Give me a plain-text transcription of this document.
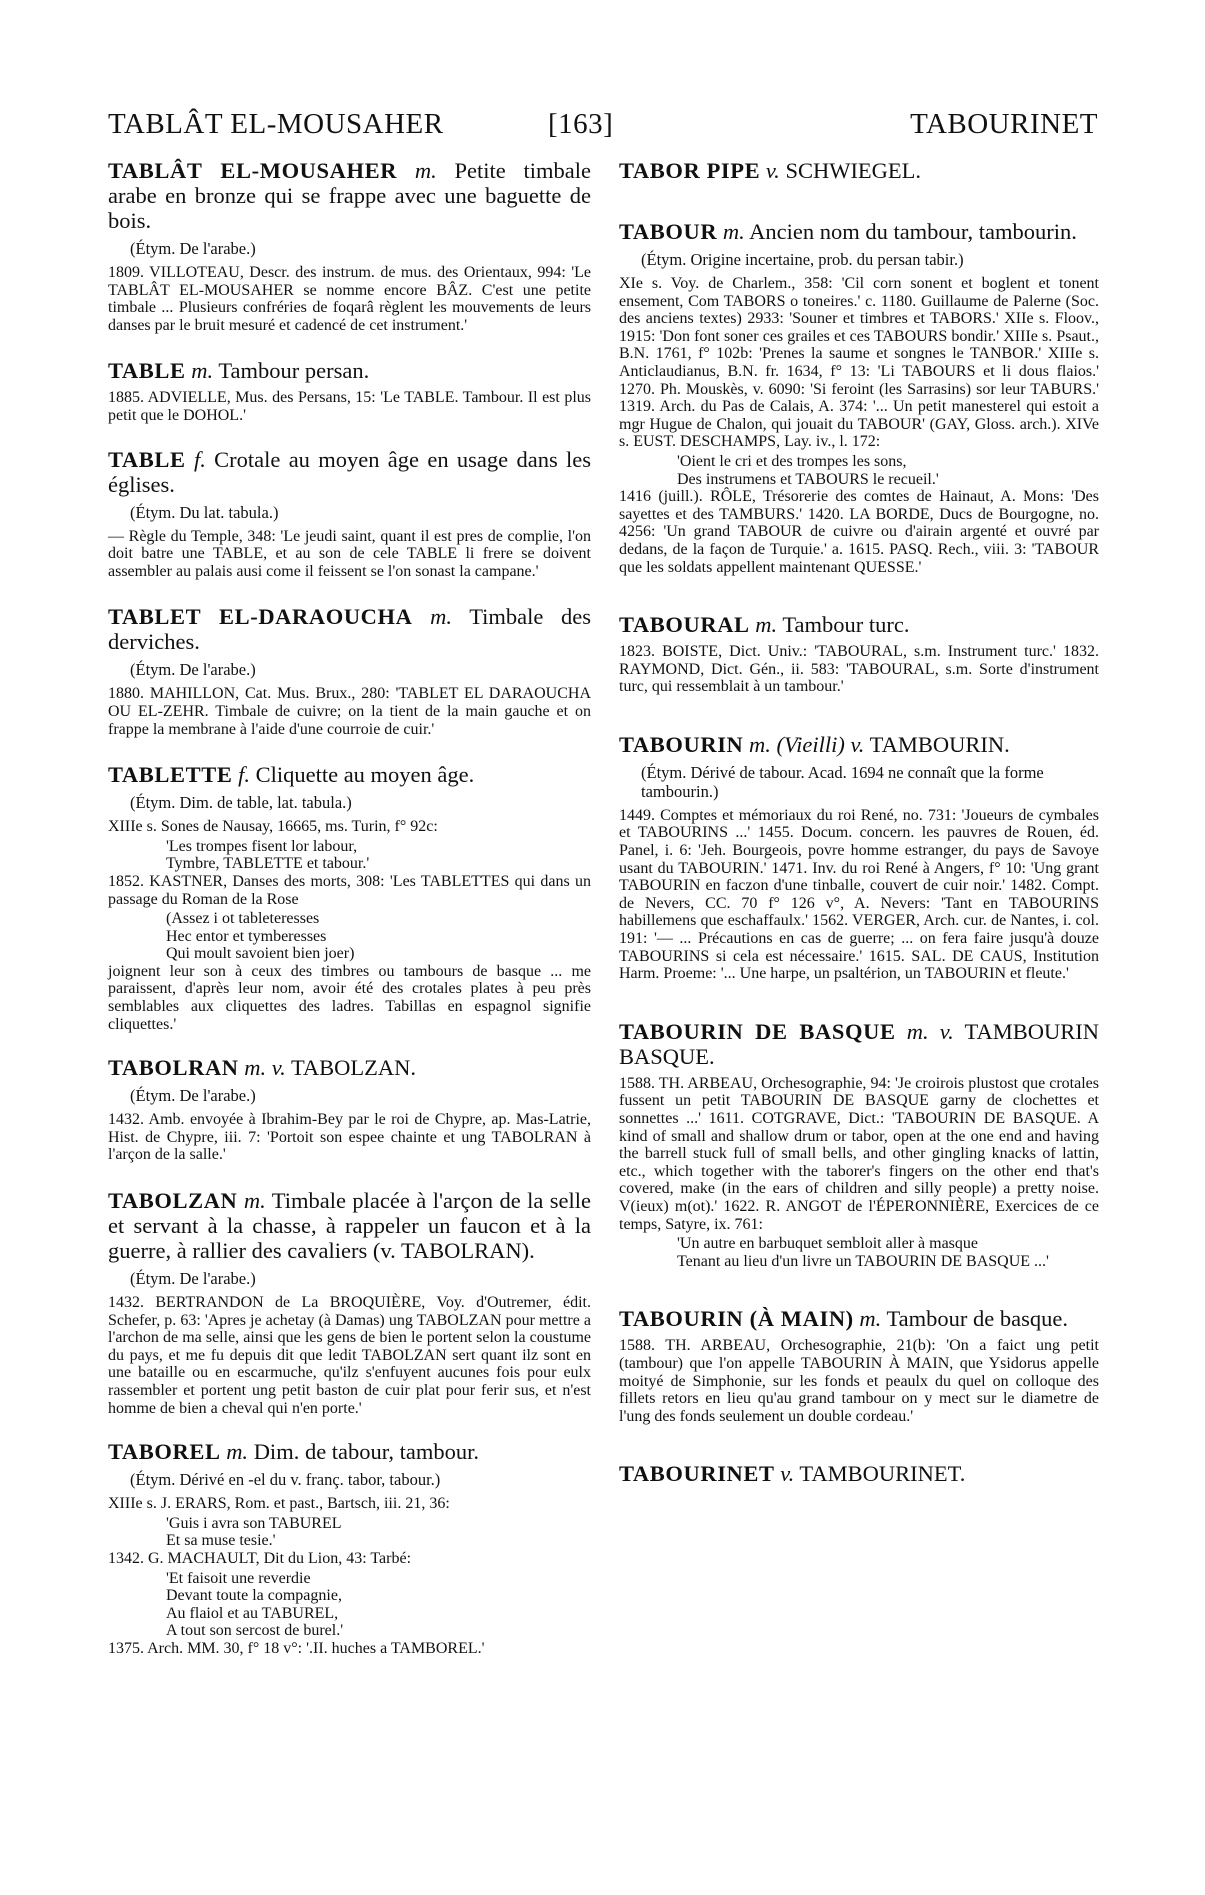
TABLÂT EL-MOUSAHER	[163]	TABOURINET

TABLÂT EL-MOUSAHER m. Petite timbale arabe en bronze qui se frappe avec une baguette de bois.

(Étym. De l'arabe.)

1809. VILLOTEAU, Descr. des instrum. de mus. des Orientaux, 994: 'Le TABLÂT EL-MOUSAHER se nomme encore BÂZ. C'est une petite timbale ... Plusieurs confréries de foqarâ règlent les mouvements de leurs danses par le bruit mesuré et cadencé de cet instrument.'

TABLE m. Tambour persan.

1885. ADVIELLE, Mus. des Persans, 15: 'Le TABLE. Tambour. Il est plus petit que le DOHOL.'

TABLE f. Crotale au moyen âge en usage dans les églises.

(Étym. Du lat. tabula.)

— Règle du Temple, 348: 'Le jeudi saint, quant il est pres de complie, l'on doit batre une TABLE, et au son de cele TABLE li frere se doivent assembler au palais ausi come il feissent se l'on sonast la campane.'

TABLET EL-DARAOUCHA m. Timbale des derviches.

(Étym. De l'arabe.)

1880. MAHILLON, Cat. Mus. Brux., 280: 'TABLET EL DARAOUCHA OU EL-ZEHR. Timbale de cuivre; on la tient de la main gauche et on frappe la membrane à l'aide d'une courroie de cuir.'

TABLETTE f. Cliquette au moyen âge.

(Étym. Dim. de table, lat. tabula.)

XIIIe s. Sones de Nausay, 16665, ms. Turin, f° 92c:

'Les trompes fisent lor labour,
Tymbre, TABLETTE et tabour.'

1852. KASTNER, Danses des morts, 308: 'Les TABLETTES qui dans un passage du Roman de la Rose

(Assez i ot tableteresses
Hec entor et tymberesses
Qui moult savoient bien joer)

joignent leur son à ceux des timbres ou tambours de basque ... me paraissent, d'après leur nom, avoir été des crotales plates à peu près semblables aux cliquettes des ladres. Tabillas en espagnol signifie cliquettes.'

TABOLRAN m. v. TABOLZAN.

(Étym. De l'arabe.)

1432. Amb. envoyée à Ibrahim-Bey par le roi de Chypre, ap. Mas-Latrie, Hist. de Chypre, iii. 7: 'Portoit son espee chainte et ung TABOLRAN à l'arçon de la salle.'

TABOLZAN m. Timbale placée à l'arçon de la selle et servant à la chasse, à rappeler un faucon et à la guerre, à rallier des cavaliers (v. TABOLRAN).

(Étym. De l'arabe.)

1432. BERTRANDON de La BROQUIÈRE, Voy. d'Outremer, édit. Schefer, p. 63: 'Apres je achetay (à Damas) ung TABOLZAN pour mettre a l'archon de ma selle, ainsi que les gens de bien le portent selon la coustume du pays, et me fu depuis dit que ledit TABOLZAN sert quant ilz sont en une bataille ou en escarmuche, qu'ilz s'enfuyent aucunes fois pour eulx rassembler et portent ung petit baston de cuir plat pour ferir sus, et n'est homme de bien a cheval qui n'en porte.'

TABOREL m. Dim. de tabour, tambour.

(Étym. Dérivé en -el du v. franç. tabor, tabour.)

XIIIe s. J. ERARS, Rom. et past., Bartsch, iii. 21, 36:

'Guis i avra son TABUREL
Et sa muse tesie.'

1342. G. MACHAULT, Dit du Lion, 43: Tarbé:

'Et faisoit une reverdie
Devant toute la compagnie,
Au flaiol et au TABUREL,
A tout son sercost de burel.'

1375. Arch. MM. 30, f° 18 v°: '.II. huches a TAMBOREL.'

TABOR PIPE v. SCHWIEGEL.

TABOUR m. Ancien nom du tambour, tambourin.

(Étym. Origine incertaine, prob. du persan tabir.)

XIe s. Voy. de Charlem., 358: 'Cil corn sonent et boglent et tonent ensement, Com TABORS o toneires.' c. 1180. Guillaume de Palerne (Soc. des anciens textes) 2933: 'Souner et timbres et TABORS.' XIIe s. Floov., 1915: 'Don font soner ces grailes et ces TABOURS bondir.' XIIIe s. Psaut., B.N. 1761, f° 102b: 'Prenes la saume et songnes le TANBOR.' XIIIe s. Anticlaudianus, B.N. fr. 1634, f° 13: 'Li TABOURS et li dous flaios.' 1270. Ph. Mouskès, v. 6090: 'Si feroint (les Sarrasins) sor leur TABURS.' 1319. Arch. du Pas de Calais, A. 374: '... Un petit manesterel qui estoit a mgr Hugue de Chalon, qui jouait du TABOUR' (GAY, Gloss. arch.). XIVe s. EUST. DESCHAMPS, Lay. iv., l. 172:

'Oient le cri et des trompes les sons,
Des instrumens et TABOURS le recueil.'

1416 (juill.). RÔLE, Trésorerie des comtes de Hainaut, A. Mons: 'Des sayettes et des TAMBURS.' 1420. LA BORDE, Ducs de Bourgogne, no. 4256: 'Un grand TABOUR de cuivre ou d'airain argenté et ouvré par dedans, de la façon de Turquie.' a. 1615. PASQ. Rech., viii. 3: 'TABOUR que les soldats appellent maintenant QUESSE.'

TABOURAL m. Tambour turc.

1823. BOISTE, Dict. Univ.: 'TABOURAL, s.m. Instrument turc.' 1832. RAYMOND, Dict. Gén., ii. 583: 'TABOURAL, s.m. Sorte d'instrument turc, qui ressemblait à un tambour.'

TABOURIN m. (Vieilli) v. TAMBOURIN.

(Étym. Dérivé de tabour. Acad. 1694 ne connaît que la forme tambourin.)

1449. Comptes et mémoriaux du roi René, no. 731: 'Joueurs de cymbales et TABOURINS ...' 1455. Docum. concern. les pauvres de Rouen, éd. Panel, i. 6: 'Jeh. Bourgeois, povre homme estranger, du pays de Savoye usant du TABOURIN.' 1471. Inv. du roi René à Angers, f° 10: 'Ung grant TABOURIN en faczon d'une tinballe, couvert de cuir noir.' 1482. Compt. de Nevers, CC. 70 f° 126 v°, A. Nevers: 'Tant en TABOURINS habillemens que eschaffaulx.' 1562. VERGER, Arch. cur. de Nantes, i. col. 191: '— ... Précautions en cas de guerre; ... on fera faire jusqu'à douze TABOURINS si cela est nécessaire.' 1615. SAL. DE CAUS, Institution Harm. Proeme: '... Une harpe, un psaltérion, un TABOURIN et fleute.'

TABOURIN DE BASQUE m. v. TAMBOURIN BASQUE.

1588. TH. ARBEAU, Orchesographie, 94: 'Je croirois plustost que crotales fussent un petit TABOURIN DE BASQUE garny de clochettes et sonnettes ...' 1611. COTGRAVE, Dict.: 'TABOURIN DE BASQUE. A kind of small and shallow drum or tabor, open at the one end and having the barrell stuck full of small bells, and other gingling knacks of lattin, etc., which together with the taborer's fingers on the other end that's covered, make (in the ears of children and silly people) a pretty noise. V(ieux) m(ot).' 1622. R. ANGOT de l'ÉPERONNIÈRE, Exercices de ce temps, Satyre, ix. 761:

'Un autre en barbuquet sembloit aller à masque
Tenant au lieu d'un livre un TABOURIN DE BASQUE ...'

TABOURIN (À MAIN) m. Tambour de basque.

1588. TH. ARBEAU, Orchesographie, 21(b): 'On a faict ung petit (tambour) que l'on appelle TABOURIN À MAIN, que Ysidorus appelle moityé de Simphonie, sur les fonds et peaulx du quel on colloque des fillets retors en lieu qu'au grand tambour on y mect sur le diametre de l'ung des fonds seulement un double cordeau.'

TABOURINET v. TAMBOURINET.
